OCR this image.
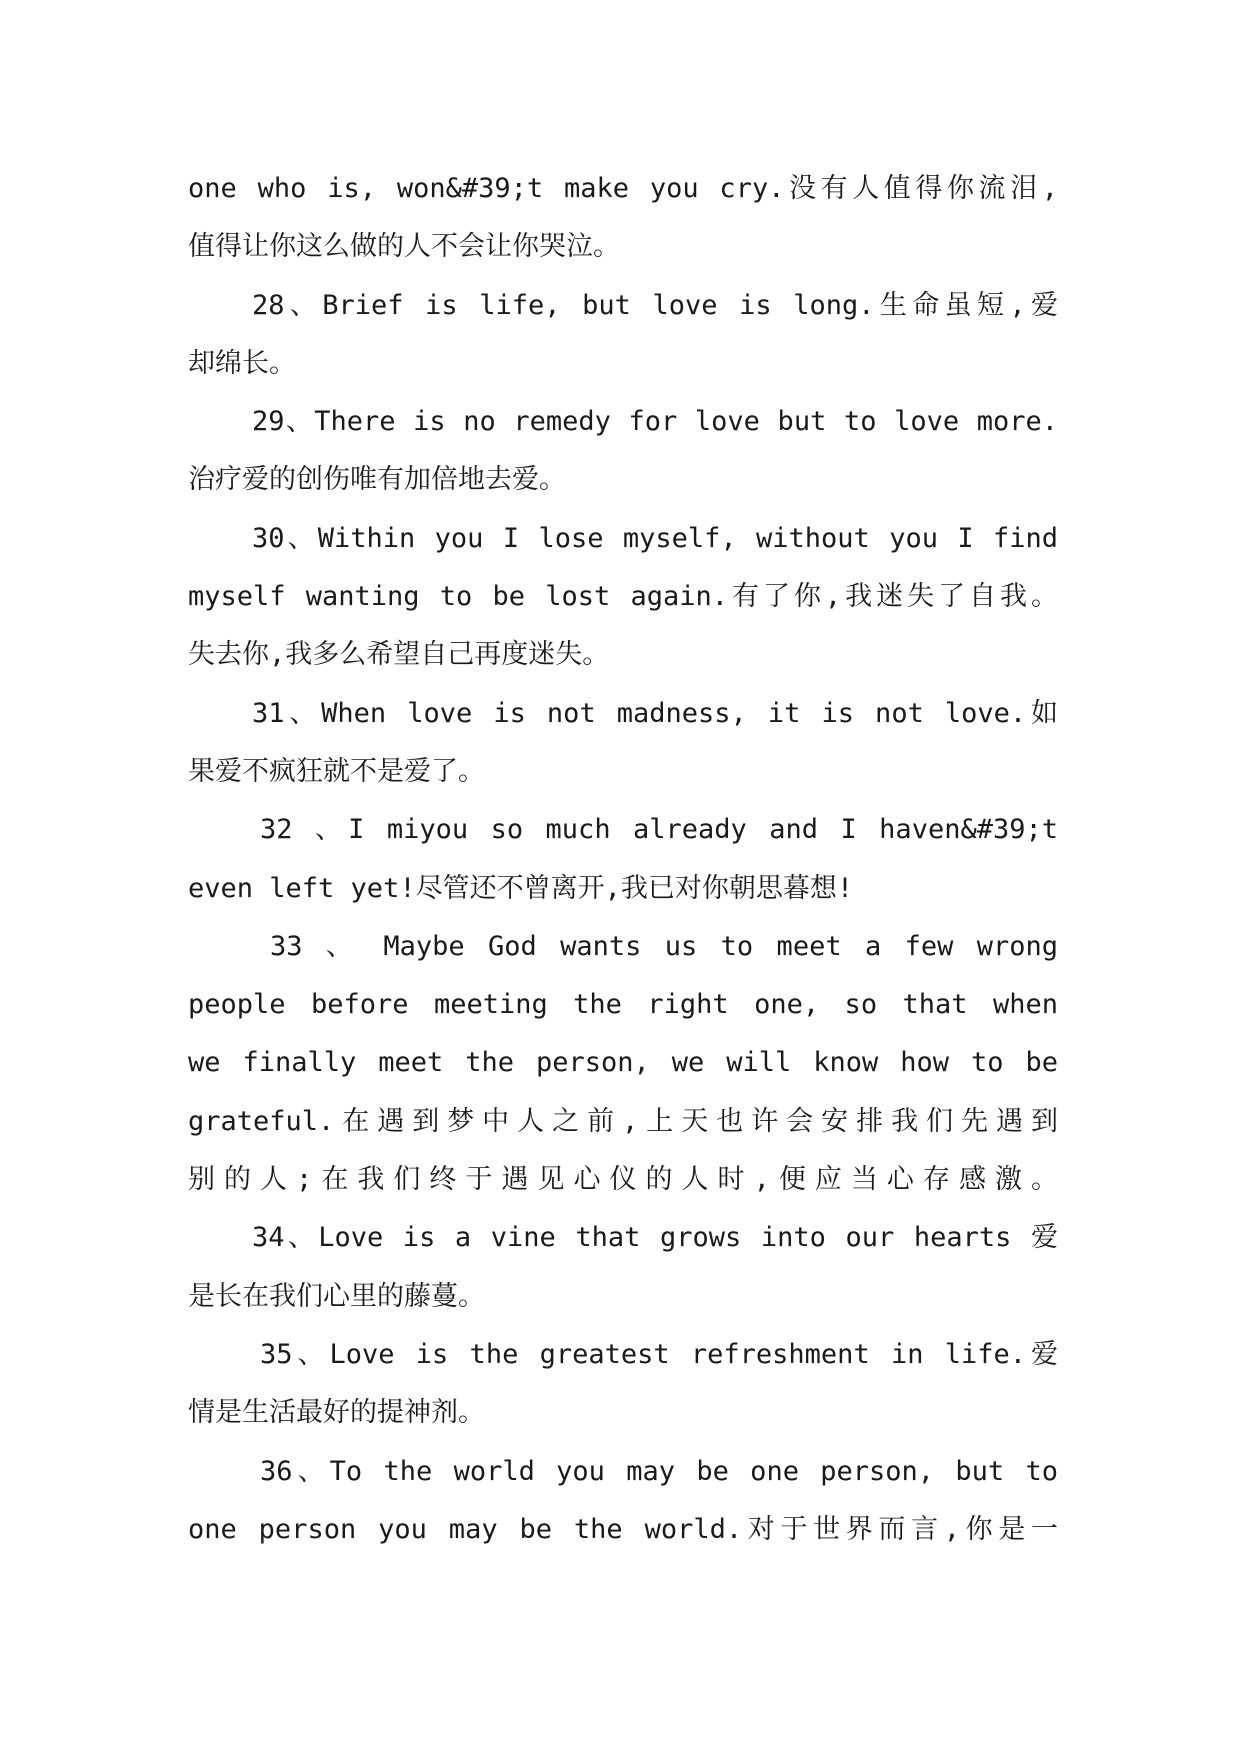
one who is, won&#39;t make you cry.没有人值得你流泪,
值得让你这么做的人不会让你哭泣。
28、Brief is life, but love is long.生命虽短,爱
却绵长。
29、There is no remedy for love but to love more.
治疗爱的创伤唯有加倍地去爱。
30、Within you I lose myself, without you I find
myself wanting to be lost again.有了你,我迷失了自我。
失去你,我多么希望自己再度迷失。
31、When love is not madness, it is not love.如
果爱不疯狂就不是爱了。
32 、I miyou so much already and I haven&#39;t
even left yet!尽管还不曾离开,我已对你朝思暮想!
33 、 Maybe God wants us to meet a few wrong
people before meeting the right one, so that when
we finally meet the person, we will know how to be
grateful.在遇到梦中人之前,上天也许会安排我们先遇到
别的人;在我们终于遇见心仪的人时,便应当心存感激。
34、Love is a vine that grows into our hearts 爱
是长在我们心里的藤蔓。
35、Love is the greatest refreshment in life.爱
情是生活最好的提神剂。
36、To the world you may be one person, but to
one person you may be the world.对于世界而言,你是一
